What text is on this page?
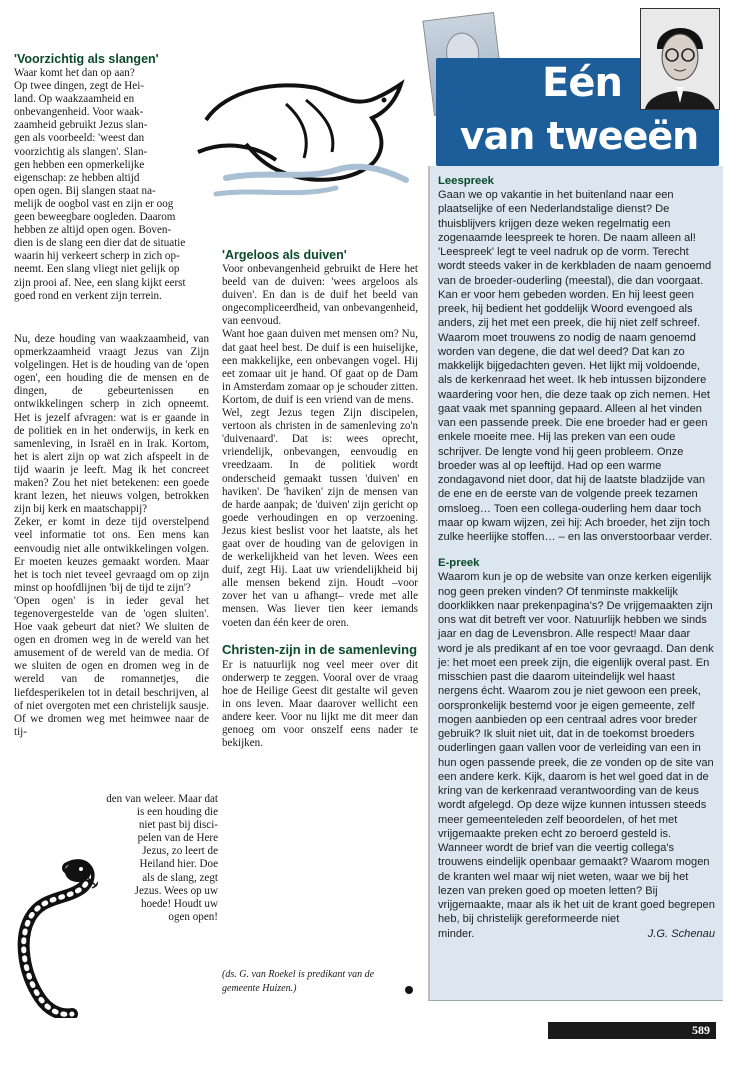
'Voorzichtig als slangen'
Waar komt het dan op aan?
Op twee dingen, zegt de Hei-
land. Op waakzaamheid en
onbevangenheid. Voor waak-
zaamheid gebruikt Jezus slan-
gen als voorbeeld: 'weest dan
voorzichtig als slangen'. Slan-
gen hebben een opmerkelijke
eigenschap: ze hebben altijd
open ogen. Bij slangen staat na-
melijk de oogbol vast en zijn er oog
geen beweegbare oogleden. Daarom
hebben ze altijd open ogen. Boven-
dien is de slang een dier dat de situatie
waarin hij verkeert scherp in zich op-
neemt. Een slang vliegt niet gelijk op
zijn prooi af. Nee, een slang kijkt eerst
goed rond en verkent zijn terrein.

Nu, deze houding van waakzaamheid, van opmerkzaamheid vraagt Jezus van Zijn volgelingen. Het is de houding van de 'open ogen', een houding die de mensen en de dingen, de gebeurtenissen en ontwikkelingen scherp in zich opneemt. Het is jezelf afvragen: wat is er gaande in de politiek en in het onderwijs, in kerk en samenleving, in Israël en in Irak. Kortom, het is alert zijn op wat zich afspeelt in de tijd waarin je leeft. Mag ik het concreet maken? Zou het niet betekenen: een goede krant lezen, het nieuws volgen, betrokken zijn bij kerk en maatschappij?

Zeker, er komt in deze tijd overstelpend veel informatie tot ons. Een mens kan eenvoudig niet alle ontwikkelingen volgen. Er moeten keuzes gemaakt worden. Maar het is toch niet teveel gevraagd om op zijn minst op hoofdlijnen 'bij de tijd te zijn'?

'Open ogen' is in ieder geval het tegenovergestelde van de 'ogen sluiten'. Hoe vaak gebeurt dat niet? We sluiten de ogen en dromen weg in de wereld van het amusement of de wereld van de media. Of we sluiten de ogen en dromen weg in de wereld van de romannetjes, die liefdesperikelen tot in detail beschrijven, al of niet overgoten met een christelijk sausje. Of we dromen weg met heimwee naar de tij-

den van weleer. Maar dat
is een houding die
niet past bij disci-
pelen van de Here
Jezus, zo leert de
Heiland hier. Doe
als de slang, zegt
Jezus. Wees op uw
hoede! Houdt uw
ogen open!
'Argeloos als duiven'

Voor onbevangenheid gebruikt de Here het beeld van de duiven: 'wees argeloos als duiven'. En dan is de duif het beeld van ongecompliceerdheid, van onbevangenheid, van eenvoud.

Want hoe gaan duiven met mensen om? Nu, dat gaat heel best. De duif is een huiselijke, een makkelijke, een onbevangen vogel. Hij eet zomaar uit je hand. Of gaat op de Dam in Amsterdam zomaar op je schouder zitten. Kortom, de duif is een vriend van de mens.

Wel, zegt Jezus tegen Zijn discipelen, vertoon als christen in de samenleving zo'n 'duivenaard'. Dat is: wees oprecht, vriendelijk, onbevangen, eenvoudig en vreedzaam. In de politiek wordt onderscheid gemaakt tussen 'duiven' en haviken'. De 'haviken' zijn de mensen van de harde aanpak; de 'duiven' zijn gericht op goede verhoudingen en op verzoening. Jezus kiest beslist voor het laatste, als het gaat over de houding van de gelovigen in de werkelijkheid van het leven. Wees een duif, zegt Hij. Laat uw vriendelijkheid bij alle mensen bekend zijn. Houdt –voor zover het van u afhangt– vrede met alle mensen. Was liever tien keer iemands voeten dan één keer de oren.

Christen-zijn in de samenleving

Er is natuurlijk nog veel meer over dit onderwerp te zeggen. Vooral over de vraag hoe de Heilige Geest dit gestalte wil geven in ons leven. Maar daarover wellicht een andere keer. Voor nu lijkt me dit meer dan genoeg om voor onszelf eens nader te bekijken.

(ds. G. van Roekel is predikant van de gemeente Huizen.)
Eén
van tweeën
Leespreek

Gaan we op vakantie in het buitenland naar een plaatselijke of een Nederlandstalige dienst? De thuisblijvers krijgen deze weken regelmatig een zogenaamde leespreek te horen. De naam alleen al! 'Leespreek' legt te veel nadruk op de vorm. Terecht wordt steeds vaker in de kerkbladen de naam genoemd van de broeder-ouderling (meestal), die dan voorgaat. Kan er voor hem gebeden worden. En hij leest geen preek, hij bedient het goddelijk Woord evengoed als anders, zij het met een preek, die hij niet zelf schreef. Waarom moet trouwens zo nodig de naam genoemd worden van degene, die dat wel deed? Dat kan zo makkelijk bijgedachten geven. Het lijkt mij voldoende, als de kerkenraad het weet. Ik heb intussen bijzondere waardering voor hen, die deze taak op zich nemen. Het gaat vaak met spanning gepaard. Alleen al het vinden van een passende preek. Die ene broeder had er geen enkele moeite mee. Hij las preken van een oude schrijver. De lengte vond hij geen probleem. Onze broeder was al op leeftijd. Had op een warme zondagavond niet door, dat hij de laatste bladzijde van de ene en de eerste van de volgende preek tezamen omsloeg… Toen een collega-ouderling hem daar toch maar op kwam wijzen, zei hij: Ach broeder, het zijn toch zulke heerlijke stoffen… – en las onverstoorbaar verder.

E-preek

Waarom kun je op de website van onze kerken eigenlijk nog geen preken vinden? Of tenminste makkelijk doorklikken naar prekenpagina's? De vrijgemaakten zijn ons wat dit betreft ver voor. Natuurlijk hebben we sinds jaar en dag de Levensbron. Alle respect! Maar daar word je als predikant af en toe voor gevraagd. Dan denk je: het moet een preek zijn, die eigenlijk overal past. En misschien past die daarom uiteindelijk wel haast nergens écht. Waarom zou je niet gewoon een preek, oorspronkelijk bestemd voor je eigen gemeente, zelf mogen aanbieden op een centraal adres voor breder gebruik? Ik sluit niet uit, dat in de toekomst broeders ouderlingen gaan vallen voor de verleiding van een in hun ogen passende preek, die ze vonden op de site van een andere kerk. Kijk, daarom is het wel goed dat in de kring van de kerkenraad verantwoording van de keus wordt afgelegd. Op deze wijze kunnen intussen steeds meer gemeenteleden zelf beoordelen, of het met vrijgemaakte preken echt zo beroerd gesteld is. Wanneer wordt de brief van die veertig collega's trouwens eindelijk openbaar gemaakt? Waarom mogen de kranten wel maar wij niet weten, waar we bij het lezen van preken goed op moeten letten? Bij vrijgemaakte, maar als ik het uit de krant goed begrepen heb, bij christelijk gereformeerde niet

minder.	J.G. Schenau
589
